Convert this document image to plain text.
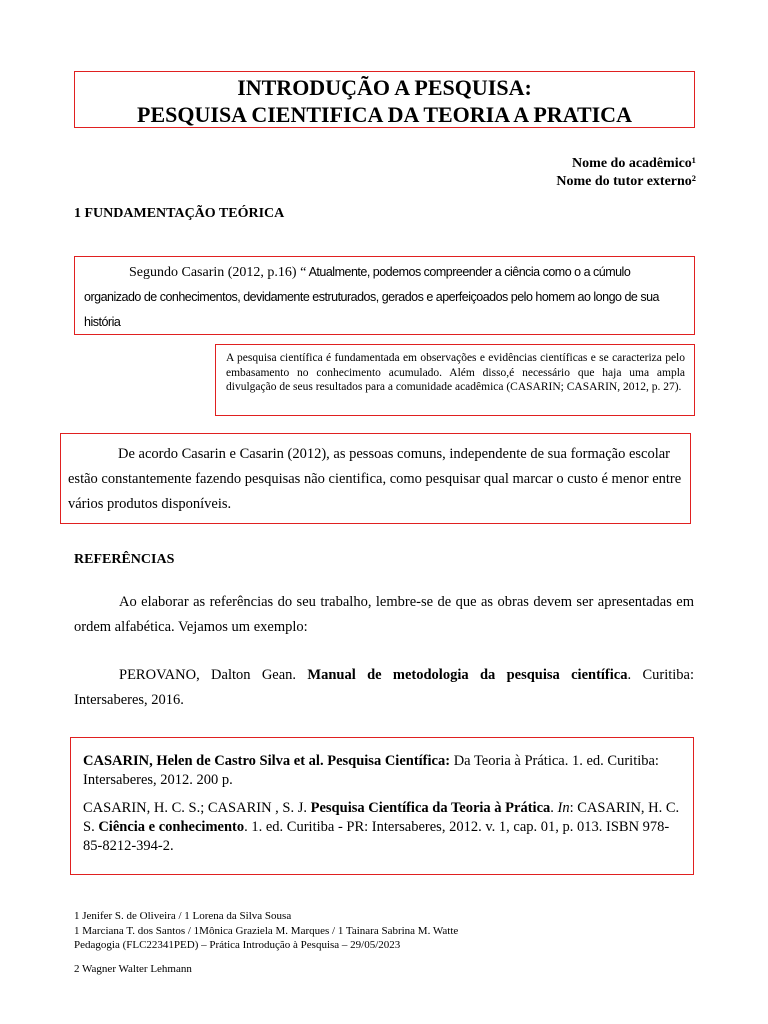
INTRODUÇÃO A PESQUISA:
PESQUISA CIENTIFICA DA TEORIA A PRATICA
Nome do acadêmico¹
Nome do tutor externo²
1 FUNDAMENTAÇÃO TEÓRICA
Segundo Casarin (2012, p.16) “ Atualmente, podemos compreender a ciência como o a cúmulo organizado de conhecimentos, devidamente estruturados, gerados e aperfeiçoados pelo homem ao longo de sua história
A pesquisa científica é fundamentada em observações e evidências científicas e se caracteriza pelo embasamento no conhecimento acumulado. Além disso,é necessário que haja uma ampla divulgação de seus resultados para a comunidade acadêmica (CASARIN; CASARIN, 2012, p. 27).

De acordo Casarin e Casarin (2012), as pessoas comuns, independente de sua formação escolar estão constantemente fazendo pesquisas não cientifica, como pesquisar qual marcar o custo é menor entre vários produtos disponíveis.

REFERÊNCIAS

Ao elaborar as referências do seu trabalho, lembre-se de que as obras devem ser apresentadas em ordem alfabética. Vejamos um exemplo:

PEROVANO, Dalton Gean. Manual de metodologia da pesquisa científica. Curitiba: Intersaberes, 2016.

CASARIN, Helen de Castro Silva et al. Pesquisa Científica: Da Teoria à Prática. 1. ed. Curitiba: Intersaberes, 2012. 200 p.

CASARIN, H. C. S.; CASARIN , S. J. Pesquisa Científica da Teoria à Prática. In: CASARIN, H. C. S. Ciência e conhecimento. 1. ed. Curitiba - PR: Intersaberes, 2012. v. 1, cap. 01, p. 013. ISBN 978-85-8212-394-2.

1 Jenifer S. de Oliveira / 1 Lorena da Silva Sousa
1 Marciana T. dos Santos / 1Mônica Graziela M. Marques / 1 Tainara Sabrina M. Watte
Pedagogia (FLC22341PED) – Prática Introdução à Pesquisa – 29/05/2023
2 Wagner Walter Lehmann
